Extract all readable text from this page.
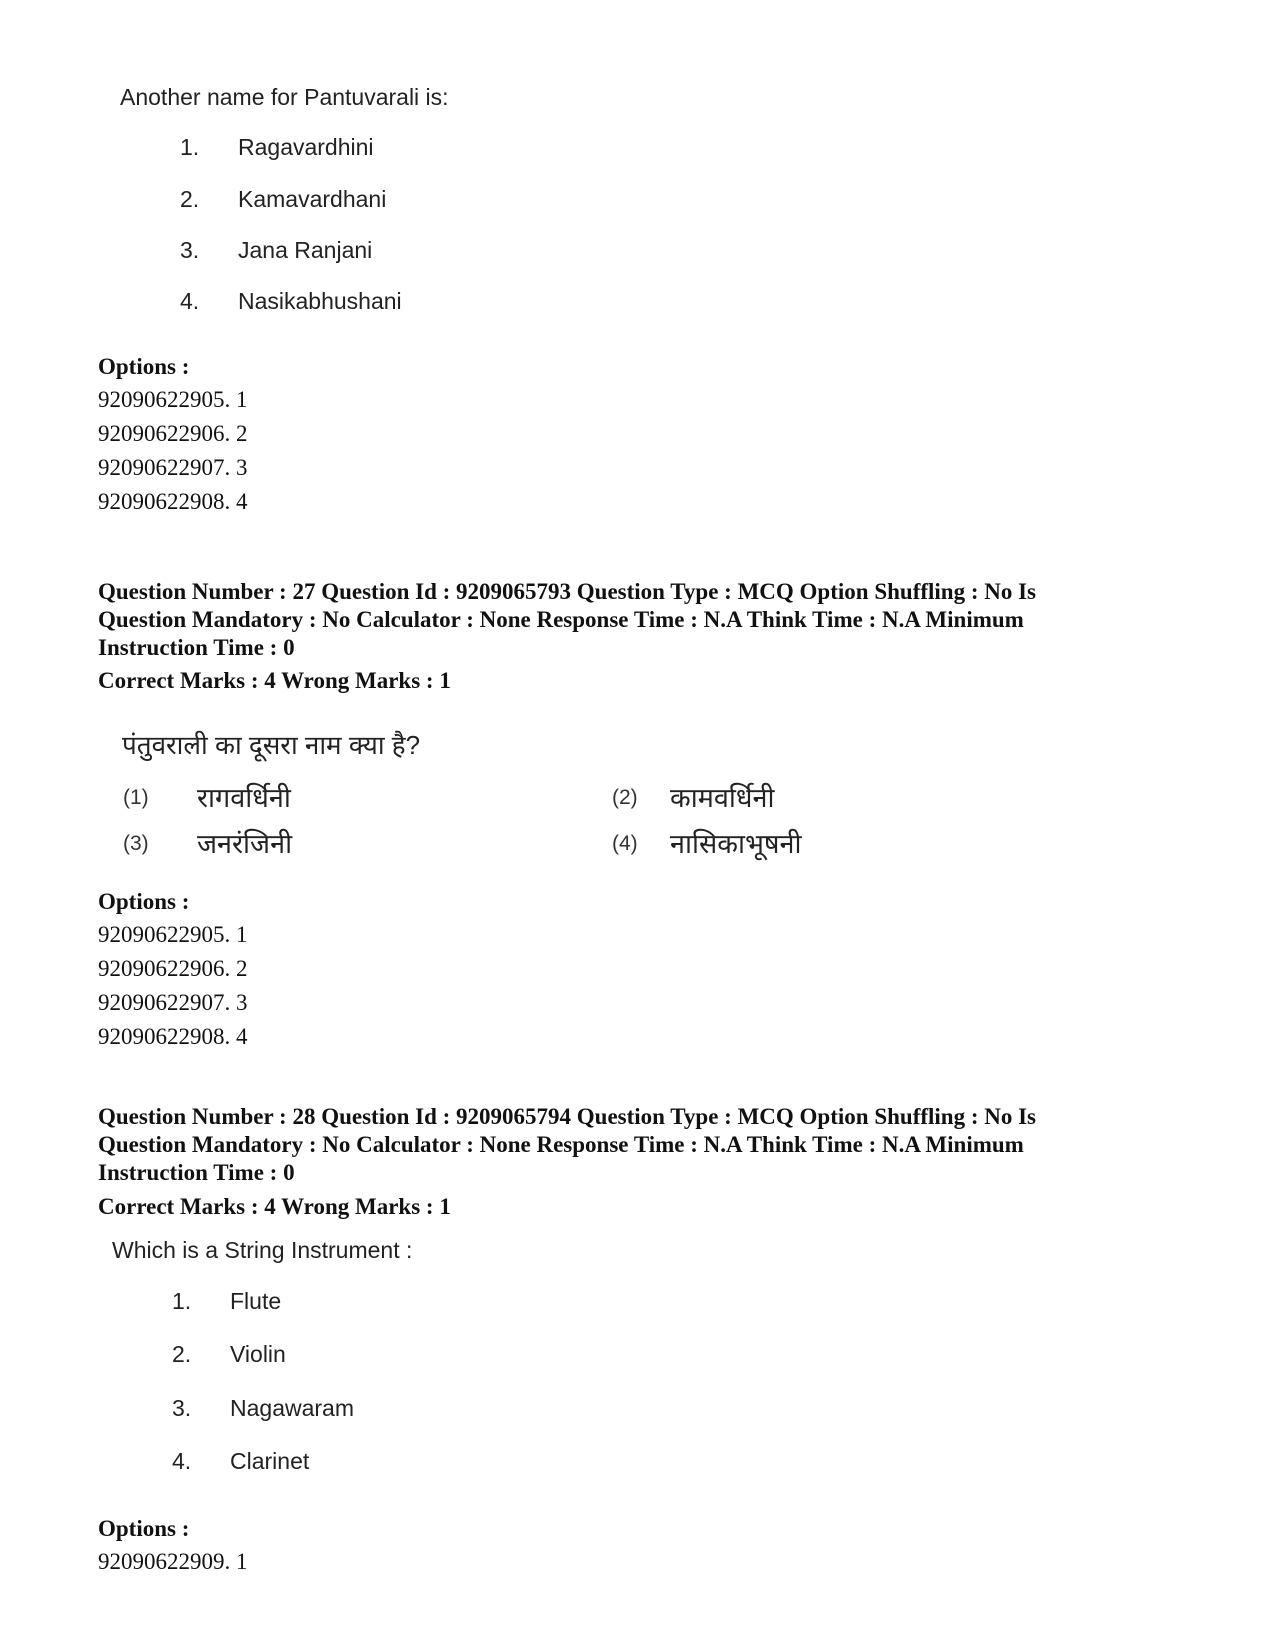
Another name for Pantuvarali is:
1. Ragavardhini
2. Kamavardhani
3. Jana Ranjani
4. Nasikabhushani
Options :
92090622905. 1
92090622906. 2
92090622907. 3
92090622908. 4
Question Number : 27 Question Id : 9209065793 Question Type : MCQ Option Shuffling : No Is
Question Mandatory : No Calculator : None Response Time : N.A Think Time : N.A Minimum
Instruction Time : 0
Correct Marks : 4 Wrong Marks : 1
पंतुवराली का दूसरा नाम क्या है?
(1) रागवर्धिनी	(2) कामवर्धिनी
(3) जनरंजिनी	(4) नासिकाभूषनी
Options :
92090622905. 1
92090622906. 2
92090622907. 3
92090622908. 4
Question Number : 28 Question Id : 9209065794 Question Type : MCQ Option Shuffling : No Is
Question Mandatory : No Calculator : None Response Time : N.A Think Time : N.A Minimum
Instruction Time : 0
Correct Marks : 4 Wrong Marks : 1
Which is a String Instrument :
1. Flute
2. Violin
3. Nagawaram
4. Clarinet
Options :
92090622909. 1
